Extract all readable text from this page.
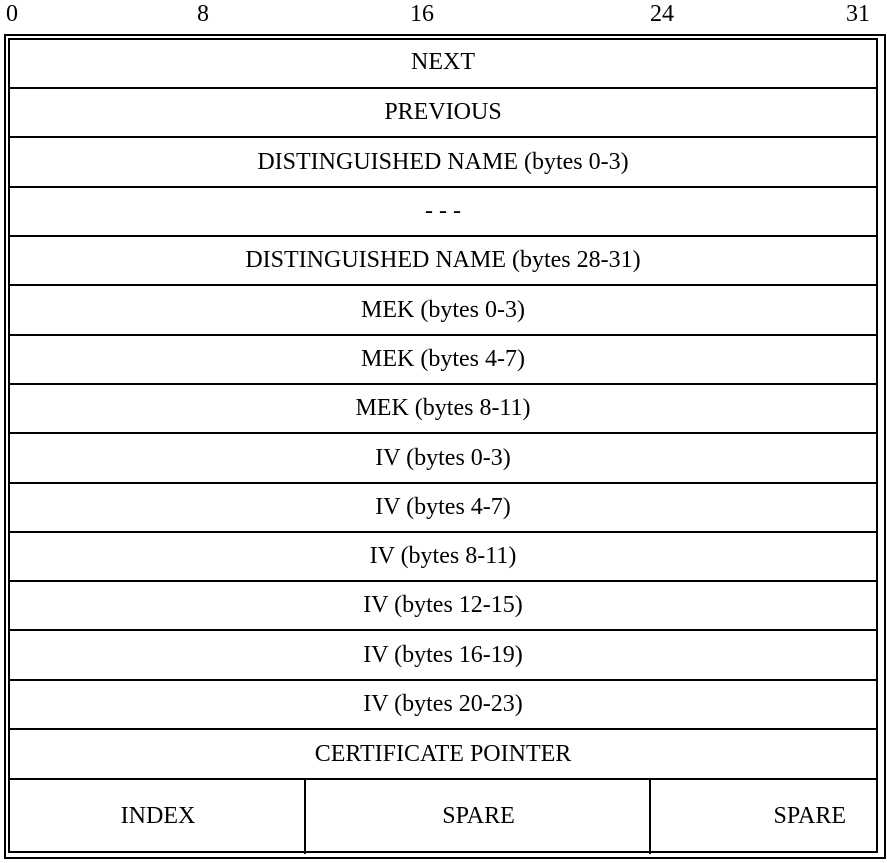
0	8	16	24	31
NEXT
PREVIOUS
DISTINGUISHED NAME (bytes 0-3)
- - -
DISTINGUISHED NAME (bytes 28-31)
MEK (bytes 0-3)
MEK (bytes 4-7)
MEK (bytes 8-11)
IV (bytes 0-3)
IV (bytes 4-7)
IV (bytes 8-11)
IV (bytes 12-15)
IV (bytes 16-19)
IV (bytes 20-23)
CERTIFICATE POINTER
INDEX	SPARE	SPARE
